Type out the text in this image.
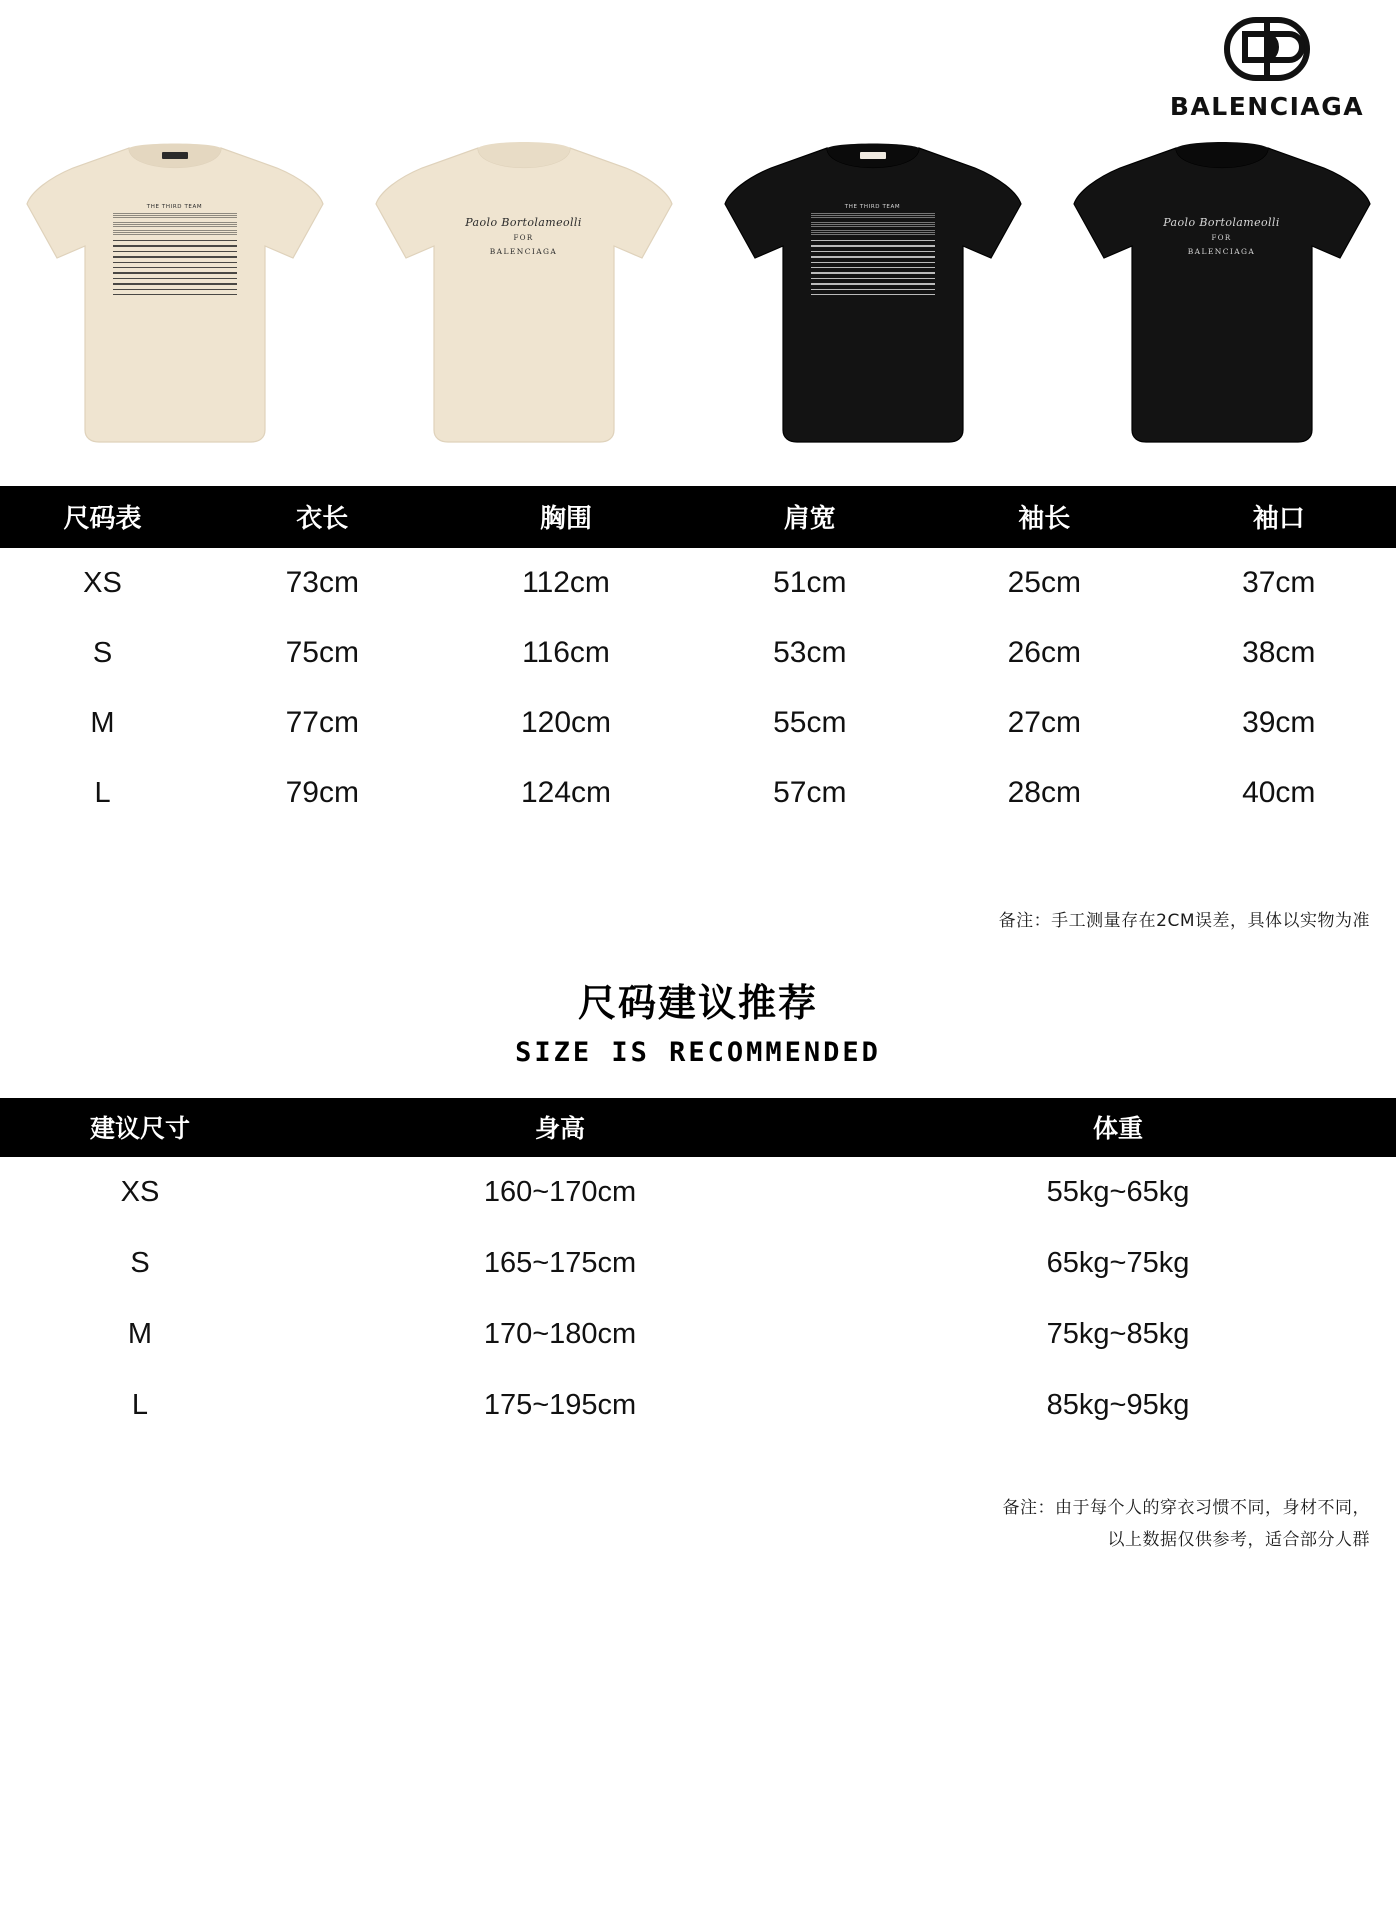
BALENCIAGA
THE THIRD TEAM
Paolo Bortolameolli
FOR
BALENCIAGA
THE THIRD TEAM
Paolo Bortolameolli
FOR
BALENCIAGA
尺码表	衣长	胸围	肩宽	袖长	袖口
XS	73cm	112cm	51cm	25cm	37cm
S	75cm	116cm	53cm	26cm	38cm
M	77cm	120cm	55cm	27cm	39cm
L	79cm	124cm	57cm	28cm	40cm
备注：手工测量存在2CM误差，具体以实物为准
尺码建议推荐
SIZE IS RECOMMENDED
建议尺寸	身高	体重
XS	160~170cm	55kg~65kg
S	165~175cm	65kg~75kg
M	170~180cm	75kg~85kg
L	175~195cm	85kg~95kg
备注：由于每个人的穿衣习惯不同，身材不同，
以上数据仅供参考，适合部分人群
